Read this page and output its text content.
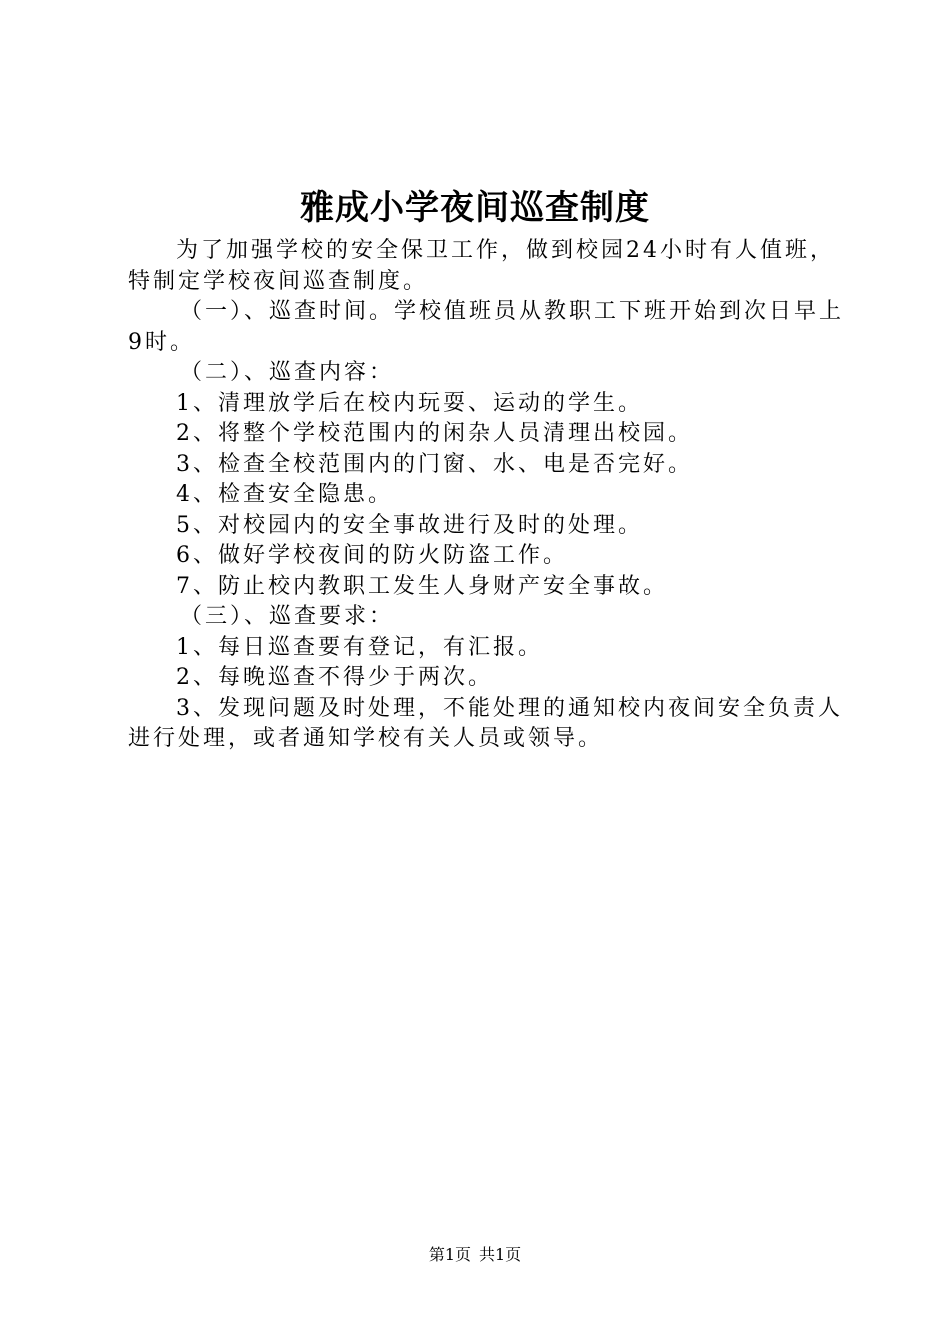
雅成小学夜间巡查制度

为了加强学校的安全保卫工作，做到校园24小时有人值班，特制定学校夜间巡查制度。

（一）、巡查时间。学校值班员从教职工下班开始到次日早上9时。

（二）、巡查内容：

1、清理放学后在校内玩耍、运动的学生。

2、将整个学校范围内的闲杂人员清理出校园。

3、检查全校范围内的门窗、水、电是否完好。

4、检查安全隐患。

5、对校园内的安全事故进行及时的处理。

6、做好学校夜间的防火防盗工作。

7、防止校内教职工发生人身财产安全事故。

（三）、巡查要求：

1、每日巡查要有登记，有汇报。

2、每晚巡查不得少于两次。

3、发现问题及时处理，不能处理的通知校内夜间安全负责人进行处理，或者通知学校有关人员或领导。

第1页 共1页
